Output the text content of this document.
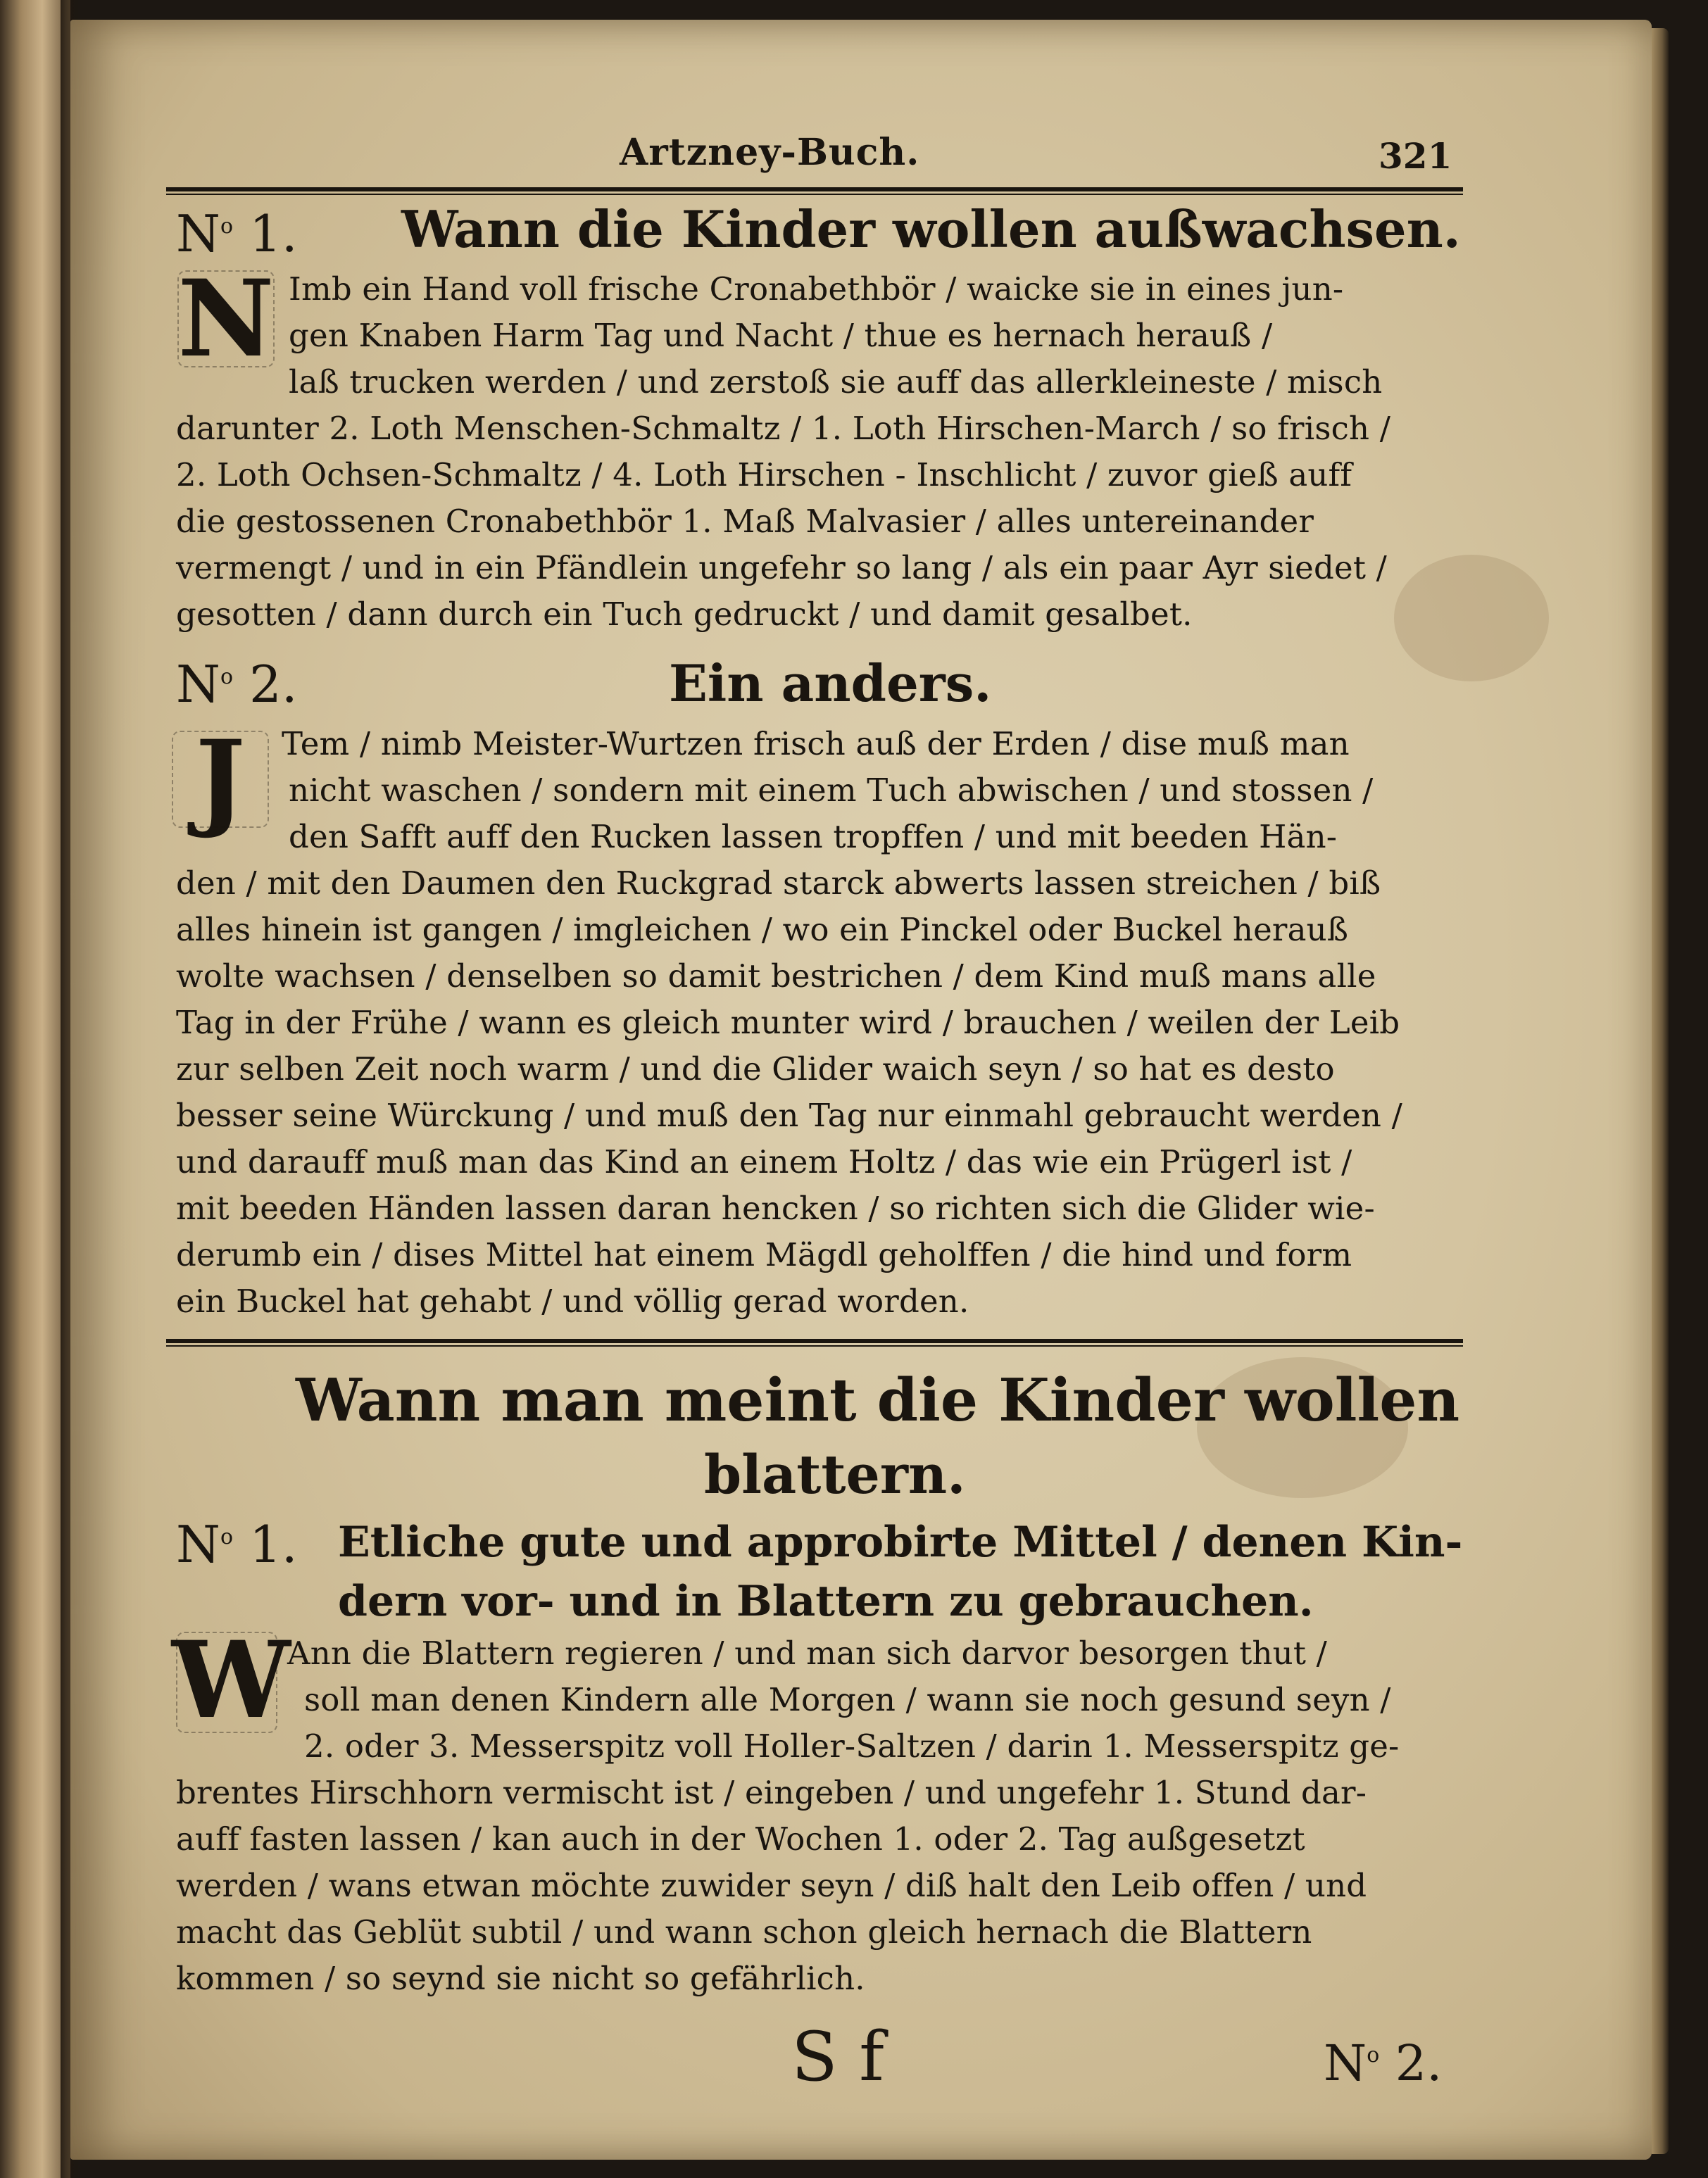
Artzney-Buch.	321
$N^o$ 1. Wann die Kinder wollen außwachsen.
N Imb ein Hand voll frische Cronabethbör / waicke sie in eines jun-
gen Knaben Harm Tag und Nacht / thue es hernach herauß /
laß trucken werden / und zerstoß sie auff das allerkleineste / misch
darunter 2. Loth Menschen-Schmaltz / 1. Loth Hirschen-March / so frisch /
2. Loth Ochsen-Schmaltz / 4. Loth Hirschen - Inschlicht / zuvor gieß auff
die gestossenen Cronabethbör 1. Maß Malvasier / alles untereinander
vermengt / und in ein Pfändlein ungefehr so lang / als ein paar Ayr siedet /
gesotten / dann durch ein Tuch gedruckt / und damit gesalbet.
$N^o$ 2.	Ein anders.
J	Tem / nimb Meister-Wurtzen frisch auß der Erden / dise muß man
nicht waschen / sondern mit einem Tuch abwischen / und stossen /
den Safft auff den Rucken lassen tropffen / und mit beeden Hän-
den / mit den Daumen den Ruckgrad starck abwerts lassen streichen / biß
alles hinein ist gangen / imgleichen / wo ein Pinckel oder Buckel herauß
wolte wachsen / denselben so damit bestrichen / dem Kind muß mans alle
Tag in der Frühe / wann es gleich munter wird / brauchen / weilen der Leib
zur selben Zeit noch warm / und die Glider waich seyn / so hat es desto
besser seine Würckung / und muß den Tag nur einmahl gebraucht werden /
und darauff muß man das Kind an einem Holtz / das wie ein Prügerl ist /
mit beeden Händen lassen daran hencken / so richten sich die Glider wie-
derumb ein / dises Mittel hat einem Mägdl geholffen / die hind und form
ein Buckel hat gehabt / und völlig gerad worden.
Wann man meint die Kinder wollen
blattern.
$N^o$ 1. Etliche gute und approbirte Mittel / denen Kin-
dern vor- und in Blattern zu gebrauchen.
W
Ann die Blattern regieren / und man sich darvor besorgen thut /
soll man denen Kindern alle Morgen / wann sie noch gesund seyn /
2. oder 3. Messerspitz voll Holler-Saltzen / darin 1. Messerspitz ge-
brentes Hirschhorn vermischt ist / eingeben / und ungefehr 1. Stund dar-
auff fasten lassen / kan auch in der Wochen 1. oder 2. Tag außgesetzt
werden / wans etwan möchte zuwider seyn / diß halt den Leib offen / und
macht das Geblüt subtil / und wann schon gleich hernach die Blattern
kommen / so seynd sie nicht so gefährlich.
S f	$N^o$ 2.
